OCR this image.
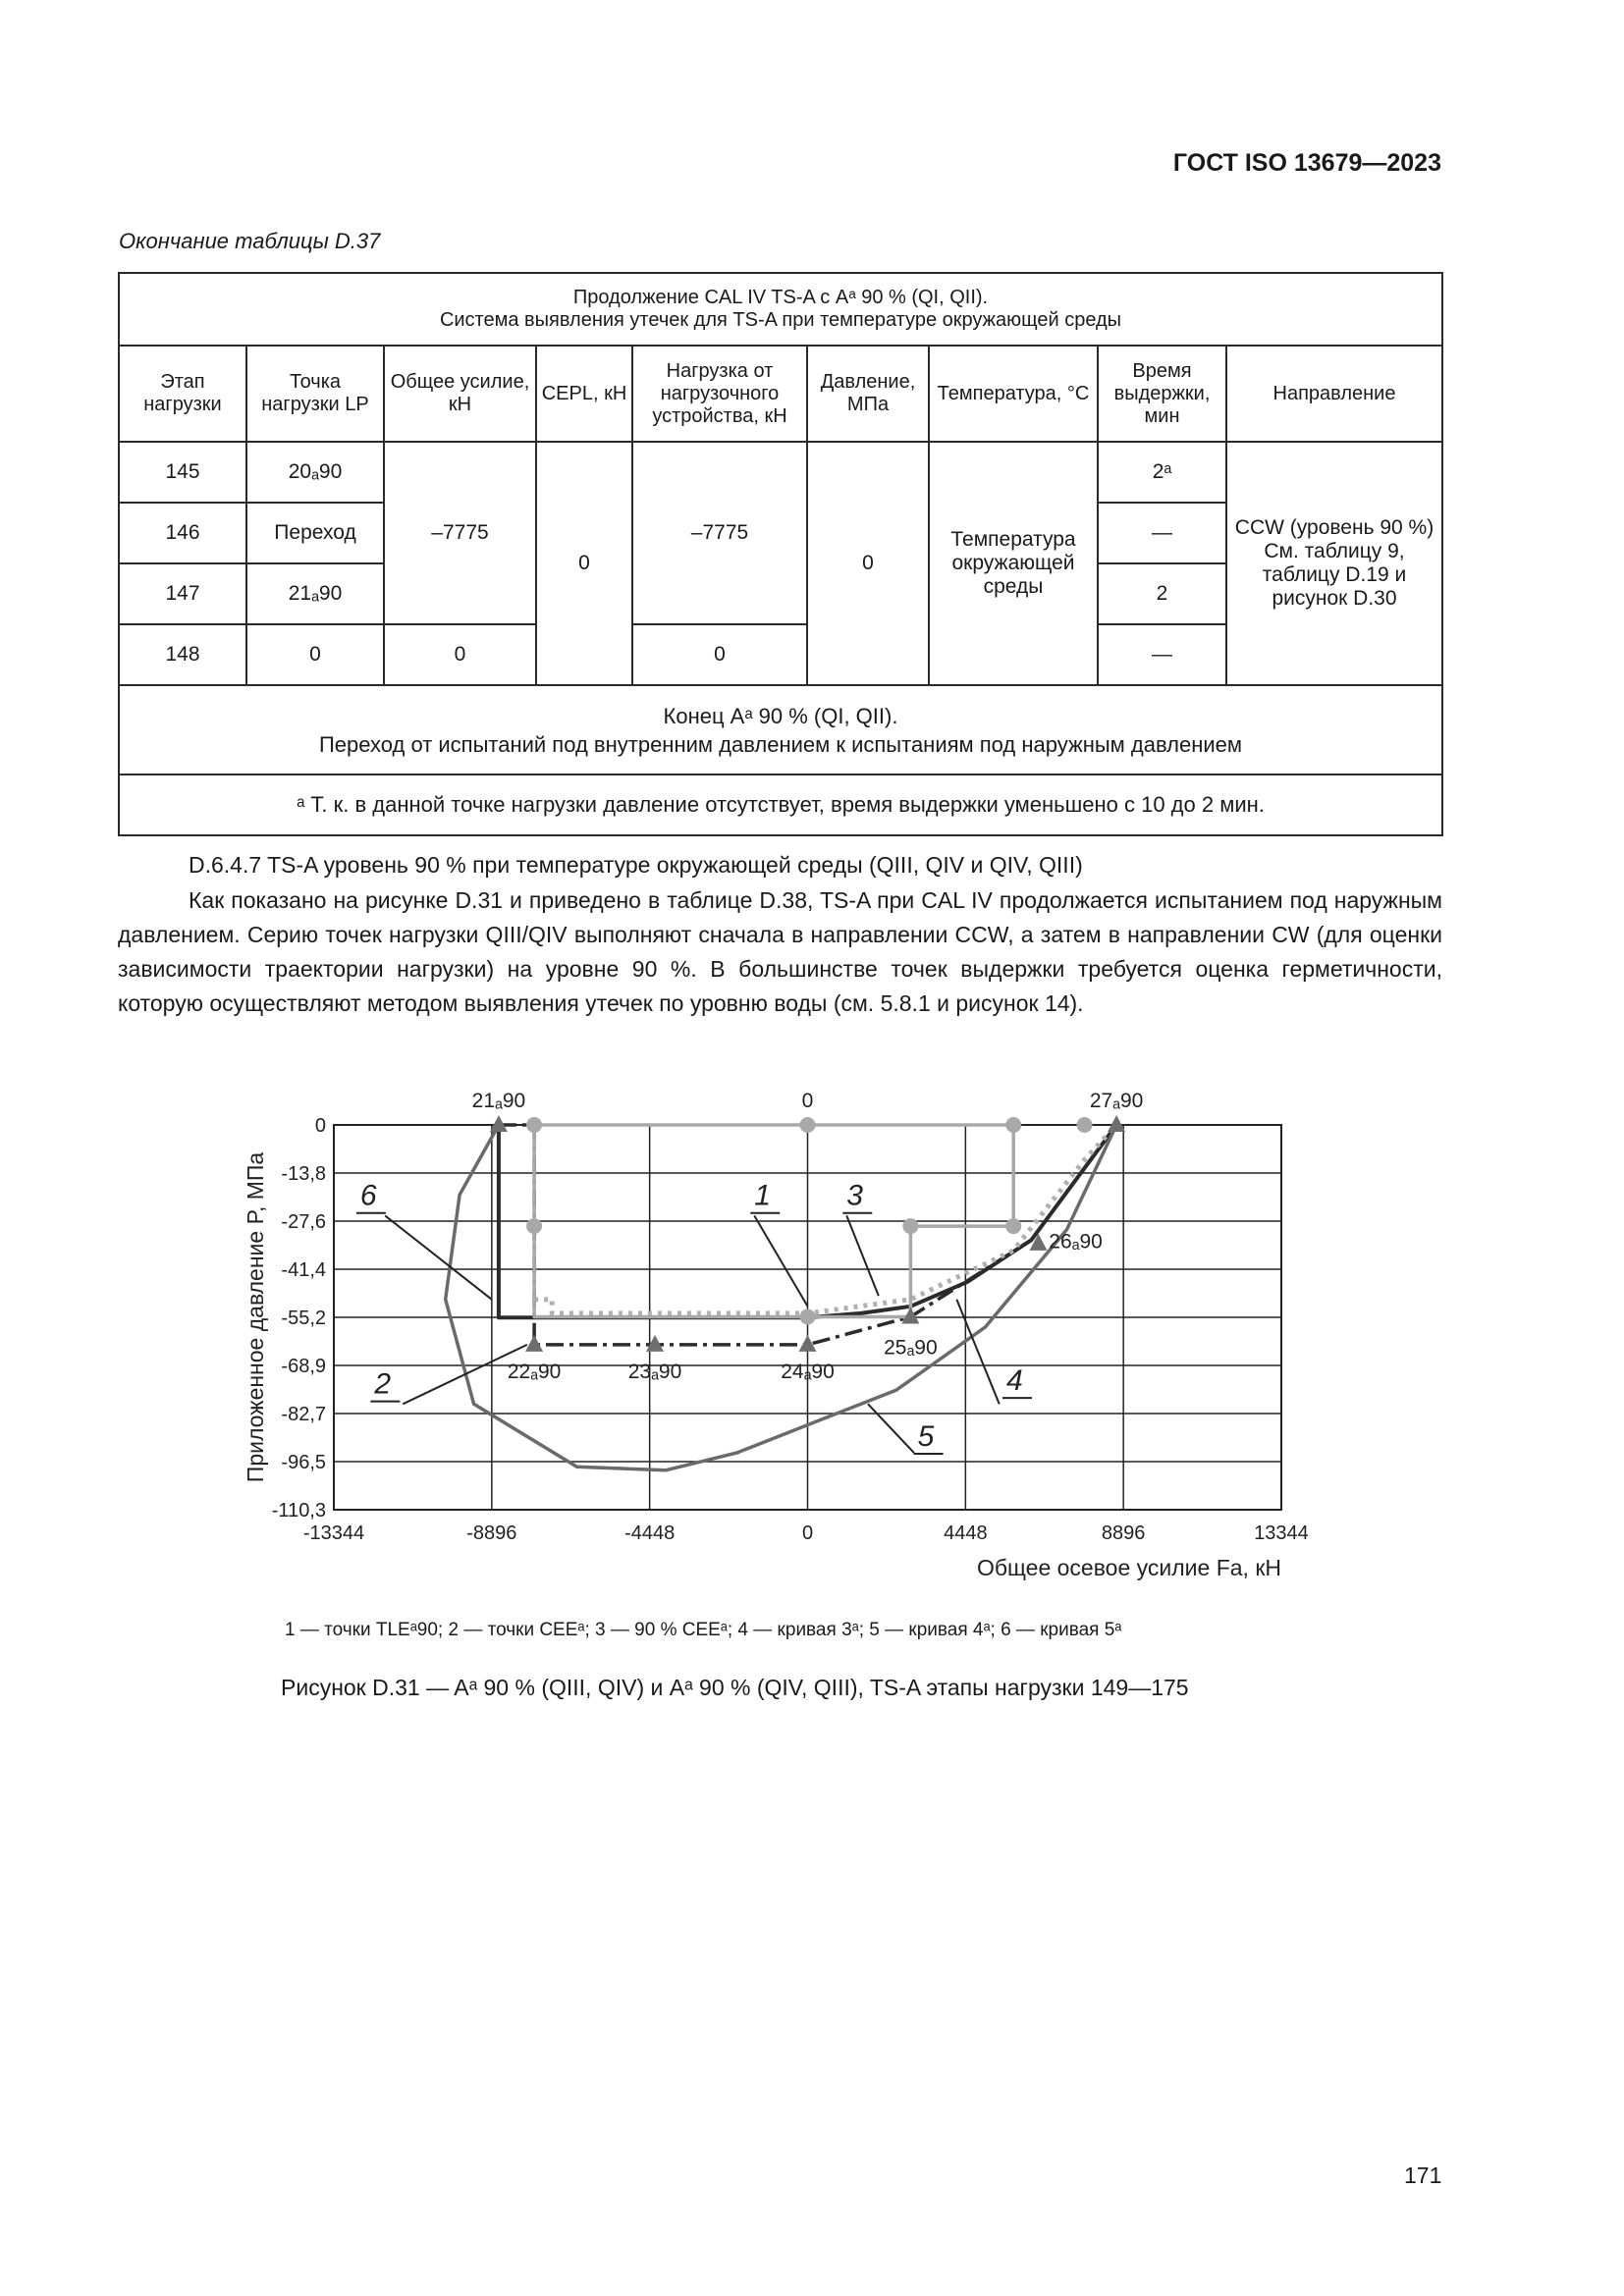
ГОСТ ISO 13679—2023
Окончание таблицы D.37
Продолжение CAL IV TS-A с Aᵃ 90 % (QI, QII).
Система выявления утечек для TS-A при температуре окружающей среды								

Этап нагрузки	Точка нагрузки LP	Общее усилие, кН	CEPL, кН	Нагрузка от нагрузочного устройства, кН	Давление, МПа	Температура, °С	Время выдержки, мин	Направление
145	20ₐ90	–7775	0	–7775	0	Температура окружающей среды	2ᵃ	CCW (уровень 90 %) См. таблицу 9, таблицу D.19 и рисунок D.30
146	Переход						—	
147	21ₐ90						2	
148	0	0		0			—	

Конец Aᵃ 90 % (QI, QII).
Переход от испытаний под внутренним давлением к испытаниям под наружным давлением								

ᵃ Т. к. в данной точке нагрузки давление отсутствует, время выдержки уменьшено с 10 до 2 мин.								
D.6.4.7 TS-A уровень 90 % при температуре окружающей среды (QIII, QIV и QIV, QIII)
Как показано на рисунке D.31 и приведено в таблице D.38, TS-A при CAL IV продолжается испытанием под наружным давлением. Серию точек нагрузки QIII/QIV выполняют сначала в направлении CCW, а затем в направлении CW (для оценки зависимости траектории нагрузки) на уровне 90 %. В большинстве точек выдержки требуется оценка герметичности, которую осуществляют методом выявления утечек по уровню воды (см. 5.8.1 и рисунок 14).
-13344	-8896	-4448	0	4448	8896	13344
0
-13,8
-27,6
-41,4
-55,2
-68,9
-82,7
-96,5
-110,3
Общее осевое усилие Fa, кН
Приложенное давление P, МПа
21ₐ90	27ₐ90
0
26ₐ90
25ₐ90
22ₐ90	23ₐ90	24ₐ90
1
2
3
4
5
6
1 — точки TLEᵃ90; 2 — точки CEEᵃ; 3 — 90 % CEEᵃ; 4 — кривая 3ᵃ; 5 — кривая 4ᵃ; 6 — кривая 5ᵃ
Рисунок D.31 — Aᵃ 90 % (QIII, QIV) и Aᵃ 90 % (QIV, QIII), TS-A этапы нагрузки 149—175
171
